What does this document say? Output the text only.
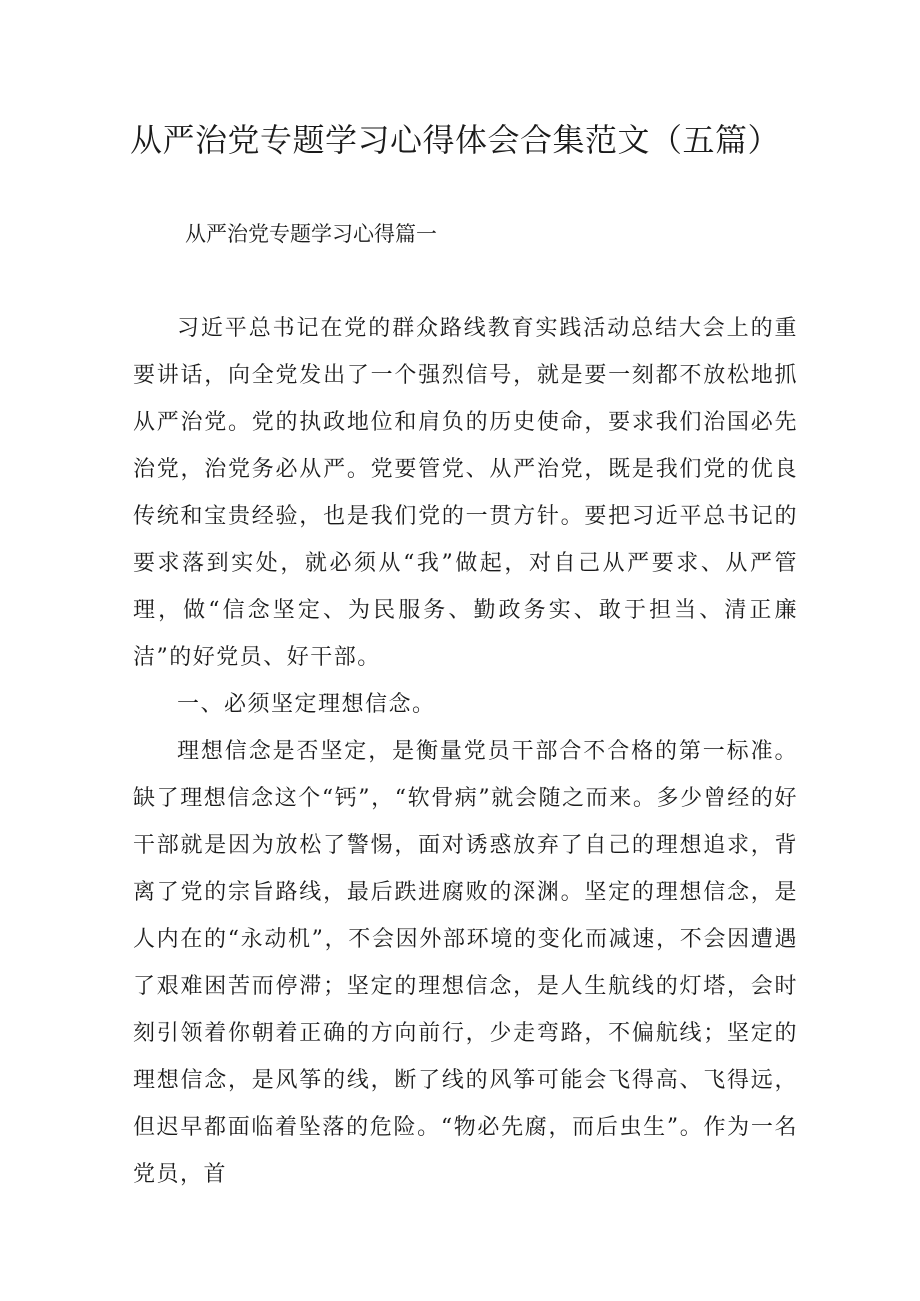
从严治党专题学习心得体会合集范文（五篇）
从严治党专题学习心得篇一

习近平总书记在党的群众路线教育实践活动总结大会上的重要讲话，向全党发出了一个强烈信号，就是要一刻都不放松地抓从严治党。党的执政地位和肩负的历史使命，要求我们治国必先治党，治党务必从严。党要管党、从严治党，既是我们党的优良传统和宝贵经验，也是我们党的一贯方针。要把习近平总书记的要求落到实处，就必须从“我”做起，对自己从严要求、从严管理，做“信念坚定、为民服务、勤政务实、敢于担当、清正廉洁”的好党员、好干部。

一、必须坚定理想信念。

理想信念是否坚定，是衡量党员干部合不合格的第一标准。缺了理想信念这个“钙”，“软骨病”就会随之而来。多少曾经的好干部就是因为放松了警惕，面对诱惑放弃了自己的理想追求，背离了党的宗旨路线，最后跌进腐败的深渊。坚定的理想信念，是人内在的“永动机”，不会因外部环境的变化而减速，不会因遭遇了艰难困苦而停滞；坚定的理想信念，是人生航线的灯塔，会时刻引领着你朝着正确的方向前行，少走弯路，不偏航线；坚定的理想信念，是风筝的线，断了线的风筝可能会飞得高、飞得远，但迟早都面临着坠落的危险。“物必先腐，而后虫生”。作为一名党员，首
